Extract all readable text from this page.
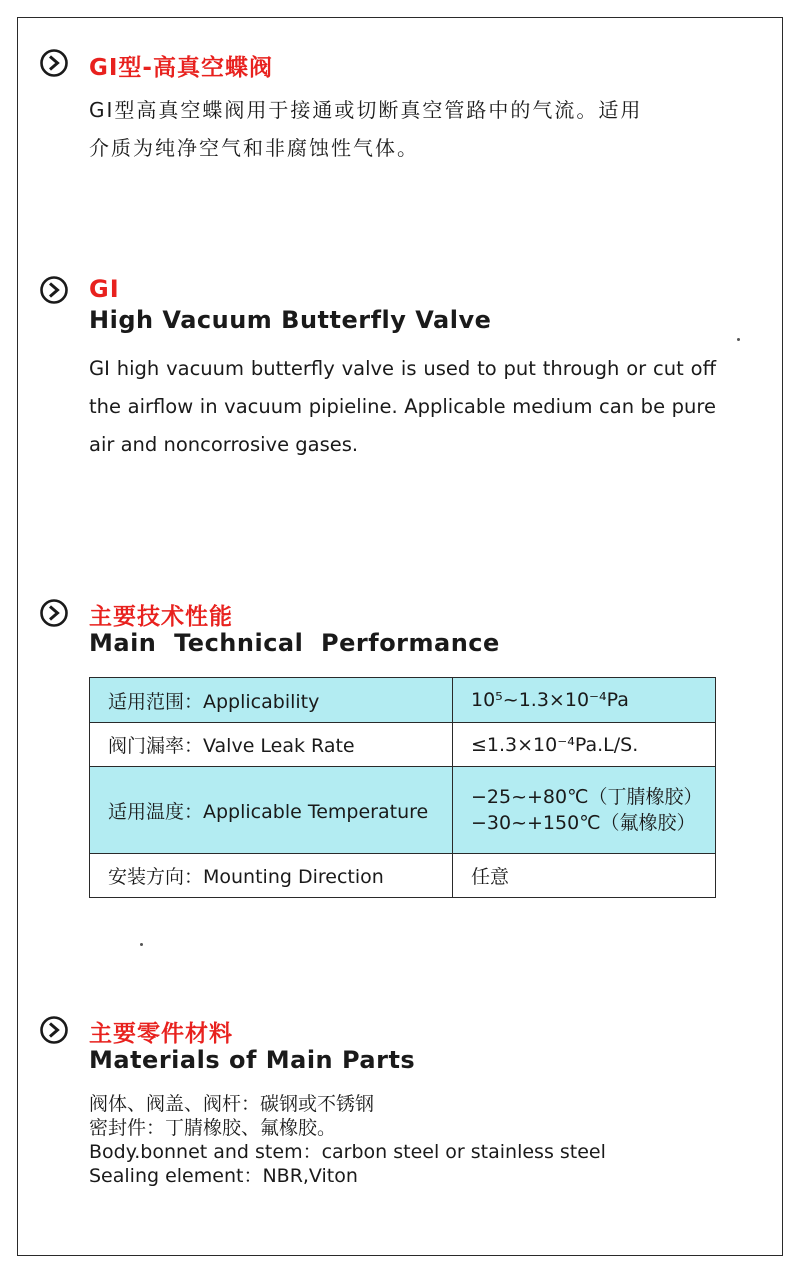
GI型-高真空蝶阀
GI型高真空蝶阀用于接通或切断真空管路中的气流。适用
介质为纯净空气和非腐蚀性气体。
GI
High Vacuum Butterfly Valve
GI high vacuum butterfly valve is used to put through or cut off the airflow in vacuum pipieline. Applicable medium can be pure air and noncorrosive gases.
主要技术性能
Main  Technical  Performance
适用范围：Applicability	10⁵~1.3×10⁻⁴Pa
阀门漏率：Valve Leak Rate	≤1.3×10⁻⁴Pa.L/S.
适用温度：Applicable Temperature	−25~+80℃（丁腈橡胶）
−30~+150℃（氟橡胶）

安装方向：Mounting Direction	任意
主要零件材料
Materials of Main Parts
阀体、阀盖、阀杆：碳钢或不锈钢
密封件：丁腈橡胶、氟橡胶。
Body.bonnet and stem：carbon steel or stainless steel
Sealing element：NBR,Viton
